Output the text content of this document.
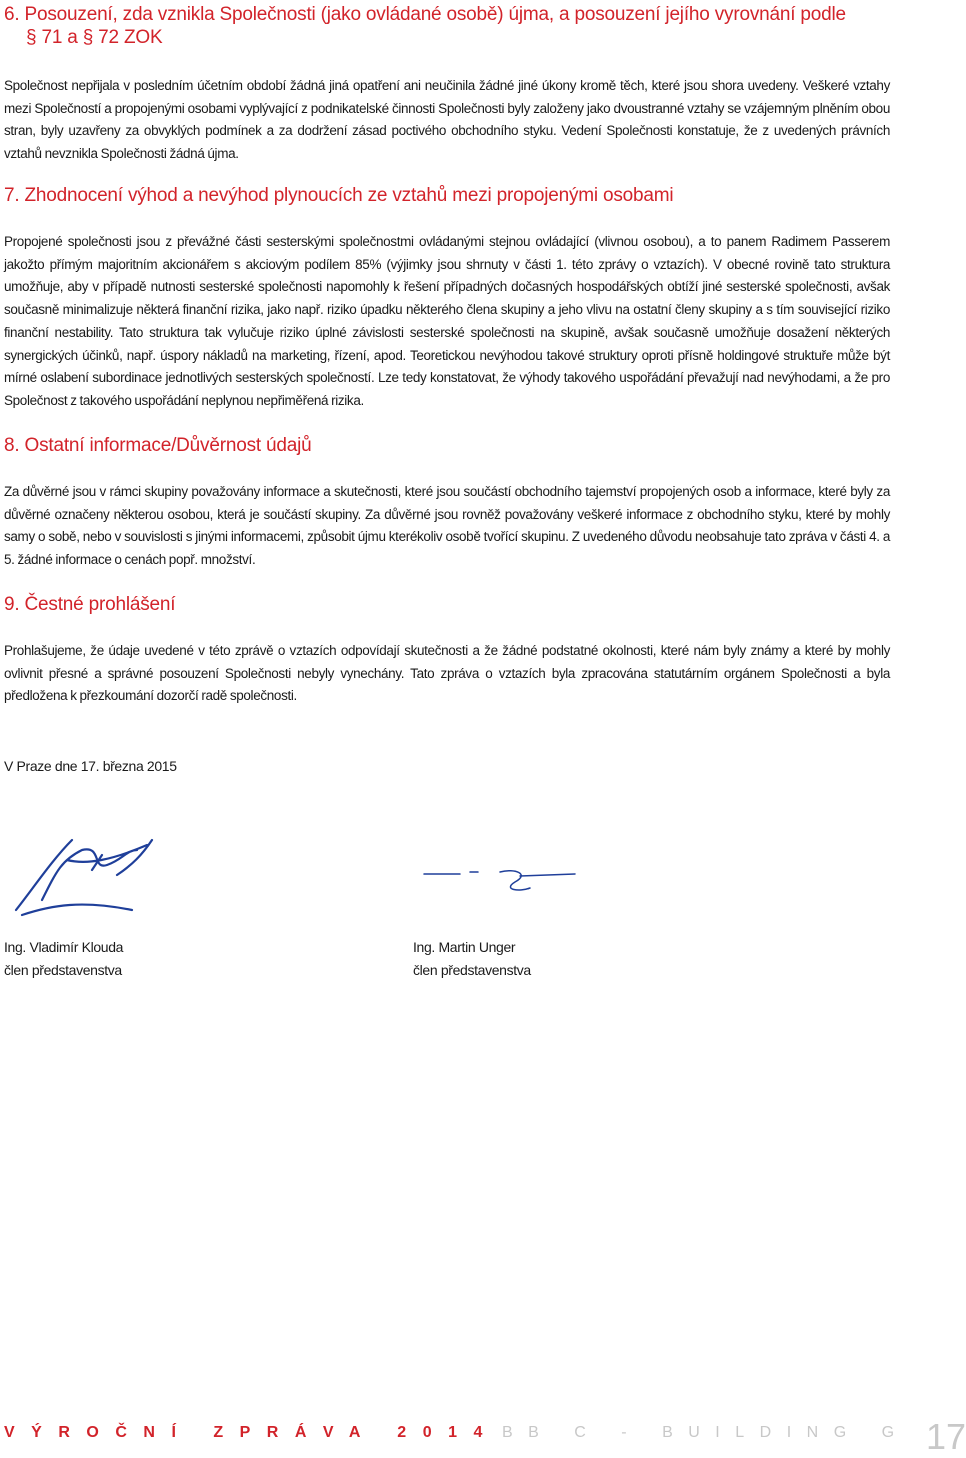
6. Posouzení, zda vznikla Společnosti (jako ovládané osobě) újma, a posouzení jejího vyrovnání podle
§ 71 a § 72 ZOK

Společnost nepřijala v posledním účetním období žádná jiná opatření ani neučinila žádné jiné úkony kromě těch, které jsou shora uvedeny. Veškeré vztahy mezi Společností a propojenými osobami vyplývající z podnikatelské činnosti Společnosti byly založeny jako dvoustranné vztahy se vzájemným plněním obou stran, byly uzavřeny za obvyklých podmínek a za dodržení zásad poctivého obchodního styku. Vedení Společnosti konstatuje, že z uvedených právních vztahů nevznikla Společnosti žádná újma.

7. Zhodnocení výhod a nevýhod plynoucích ze vztahů mezi propojenými osobami

Propojené společnosti jsou z převážné části sesterskými společnostmi ovládanými stejnou ovládající (vlivnou osobou), a to panem Radimem Passerem jakožto přímým majoritním akcionářem s akciovým podílem 85% (výjimky jsou shrnuty v části 1. této zprávy o vztazích). V obecné rovině tato struktura umožňuje, aby v případě nutnosti sesterské společnosti napomohly k řešení případných dočasných hospodářských obtíží jiné sesterské společnosti, avšak současně minimalizuje některá finanční rizika, jako např. riziko úpadku některého člena skupiny a jeho vlivu na ostatní členy skupiny a s tím související riziko finanční nestability. Tato struktura tak vylučuje riziko úplné závislosti sesterské společnosti na skupině, avšak současně umožňuje dosažení některých synergických účinků, např. úspory nákladů na marketing, řízení, apod. Teoretickou nevýhodou takové struktury oproti přísně holdingové struktuře může být mírné oslabení subordinace jednotlivých sesterských společností. Lze tedy konstatovat, že výhody takového uspořádání převažují nad nevýhodami, a že pro Společnost z takového uspořádání neplynou nepřiměřená rizika.

8. Ostatní informace/Důvěrnost údajů

Za důvěrné jsou v rámci skupiny považovány informace a skutečnosti, které jsou součástí obchodního tajemství propojených osob a informace, které byly za důvěrné označeny některou osobou, která je součástí skupiny. Za důvěrné jsou rovněž považovány veškeré informace z obchodního styku, které by mohly samy o sobě, nebo v souvislosti s jinými informacemi, způsobit újmu kterékoliv osobě tvořící skupinu. Z uvedeného důvodu neobsahuje tato zpráva v části 4. a 5. žádné informace o cenách popř. množství.

9. Čestné prohlášení

Prohlašujeme, že údaje uvedené v této zprávě o vztazích odpovídají skutečnosti a že žádné podstatné okolnosti, které nám byly známy a které by mohly ovlivnit přesné a správné posouzení Společnosti nebyly vynechány. Tato zpráva o vztazích byla zpracována statutárním orgánem Společnosti a byla předložena k přezkoumání dozorčí radě společnosti.

V Praze dne 17. března 2015

Ing. Vladimír Klouda

člen představenstva

Ing. Martin Unger

člen představenstva

VÝROČNÍ ZPRÁVA 2014 BB C - BUILDING G 17
